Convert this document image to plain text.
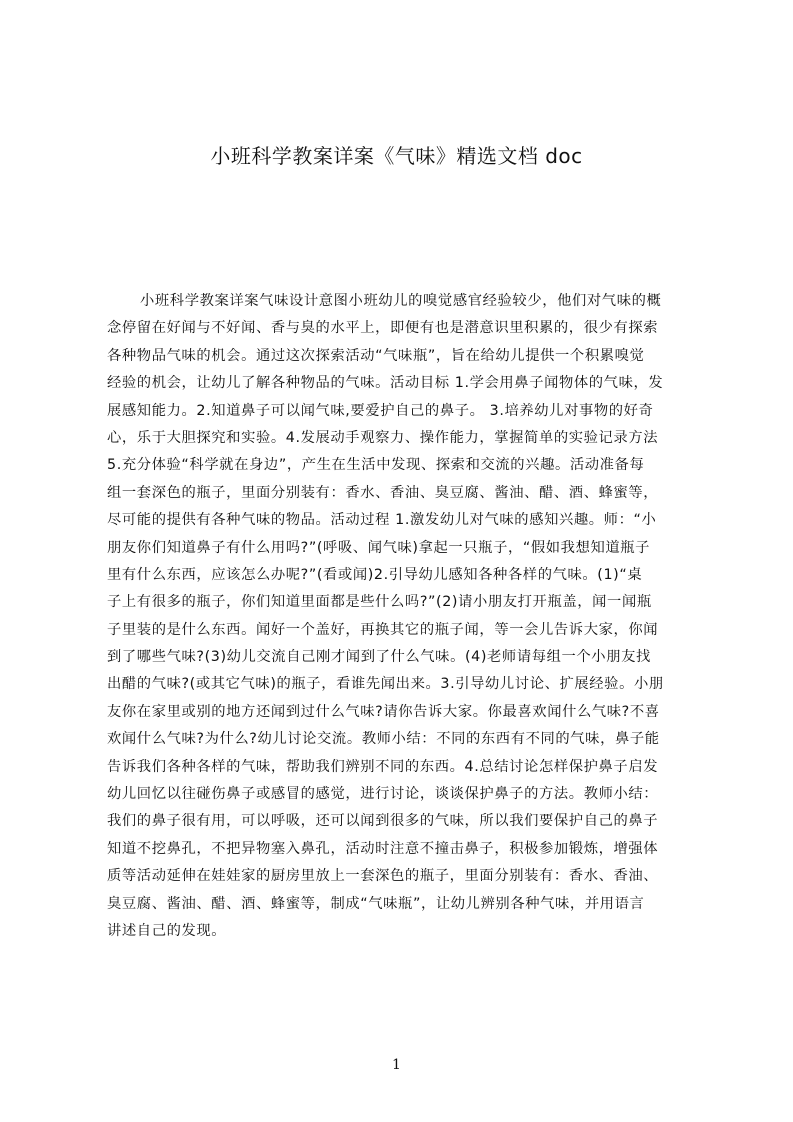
小班科学教案详案《气味》精选文档 doc
小班科学教案详案气味设计意图小班幼儿的嗅觉感官经验较少，他们对气味的概
念停留在好闻与不好闻、香与臭的水平上，即便有也是潜意识里积累的，很少有探索
各种物品气味的机会。通过这次探索活动“气味瓶”，旨在给幼儿提供一个积累嗅觉
经验的机会，让幼儿了解各种物品的气味。活动目标 1.学会用鼻子闻物体的气味，发
展感知能力。2.知道鼻子可以闻气味,要爱护自己的鼻子。 3.培养幼儿对事物的好奇
心，乐于大胆探究和实验。4.发展动手观察力、操作能力，掌握简单的实验记录方法
5.充分体验“科学就在身边”，产生在生活中发现、探索和交流的兴趣。活动准备每
组一套深色的瓶子，里面分别装有：香水、香油、臭豆腐、酱油、醋、酒、蜂蜜等，
尽可能的提供有各种气味的物品。活动过程 1.激发幼儿对气味的感知兴趣。师：“小
朋友你们知道鼻子有什么用吗?”(呼吸、闻气味)拿起一只瓶子，“假如我想知道瓶子
里有什么东西，应该怎么办呢?”(看或闻)2.引导幼儿感知各种各样的气味。(1)“桌
子上有很多的瓶子，你们知道里面都是些什么吗?”(2)请小朋友打开瓶盖，闻一闻瓶
子里装的是什么东西。闻好一个盖好，再换其它的瓶子闻，等一会儿告诉大家，你闻
到了哪些气味?(3)幼儿交流自己刚才闻到了什么气味。(4)老师请每组一个小朋友找
出醋的气味?(或其它气味)的瓶子，看谁先闻出来。3.引导幼儿讨论、扩展经验。小朋
友你在家里或别的地方还闻到过什么气味?请你告诉大家。你最喜欢闻什么气味?不喜
欢闻什么气味?为什么?幼儿讨论交流。教师小结：不同的东西有不同的气味，鼻子能
告诉我们各种各样的气味，帮助我们辨别不同的东西。4.总结讨论怎样保护鼻子启发
幼儿回忆以往碰伤鼻子或感冒的感觉，进行讨论，谈谈保护鼻子的方法。教师小结：
我们的鼻子很有用，可以呼吸，还可以闻到很多的气味，所以我们要保护自己的鼻子
知道不挖鼻孔，不把异物塞入鼻孔，活动时注意不撞击鼻子，积极参加锻炼，增强体
质等活动延伸在娃娃家的厨房里放上一套深色的瓶子，里面分别装有：香水、香油、
臭豆腐、酱油、醋、酒、蜂蜜等，制成“气味瓶”，让幼儿辨别各种气味，并用语言
讲述自己的发现。
1
